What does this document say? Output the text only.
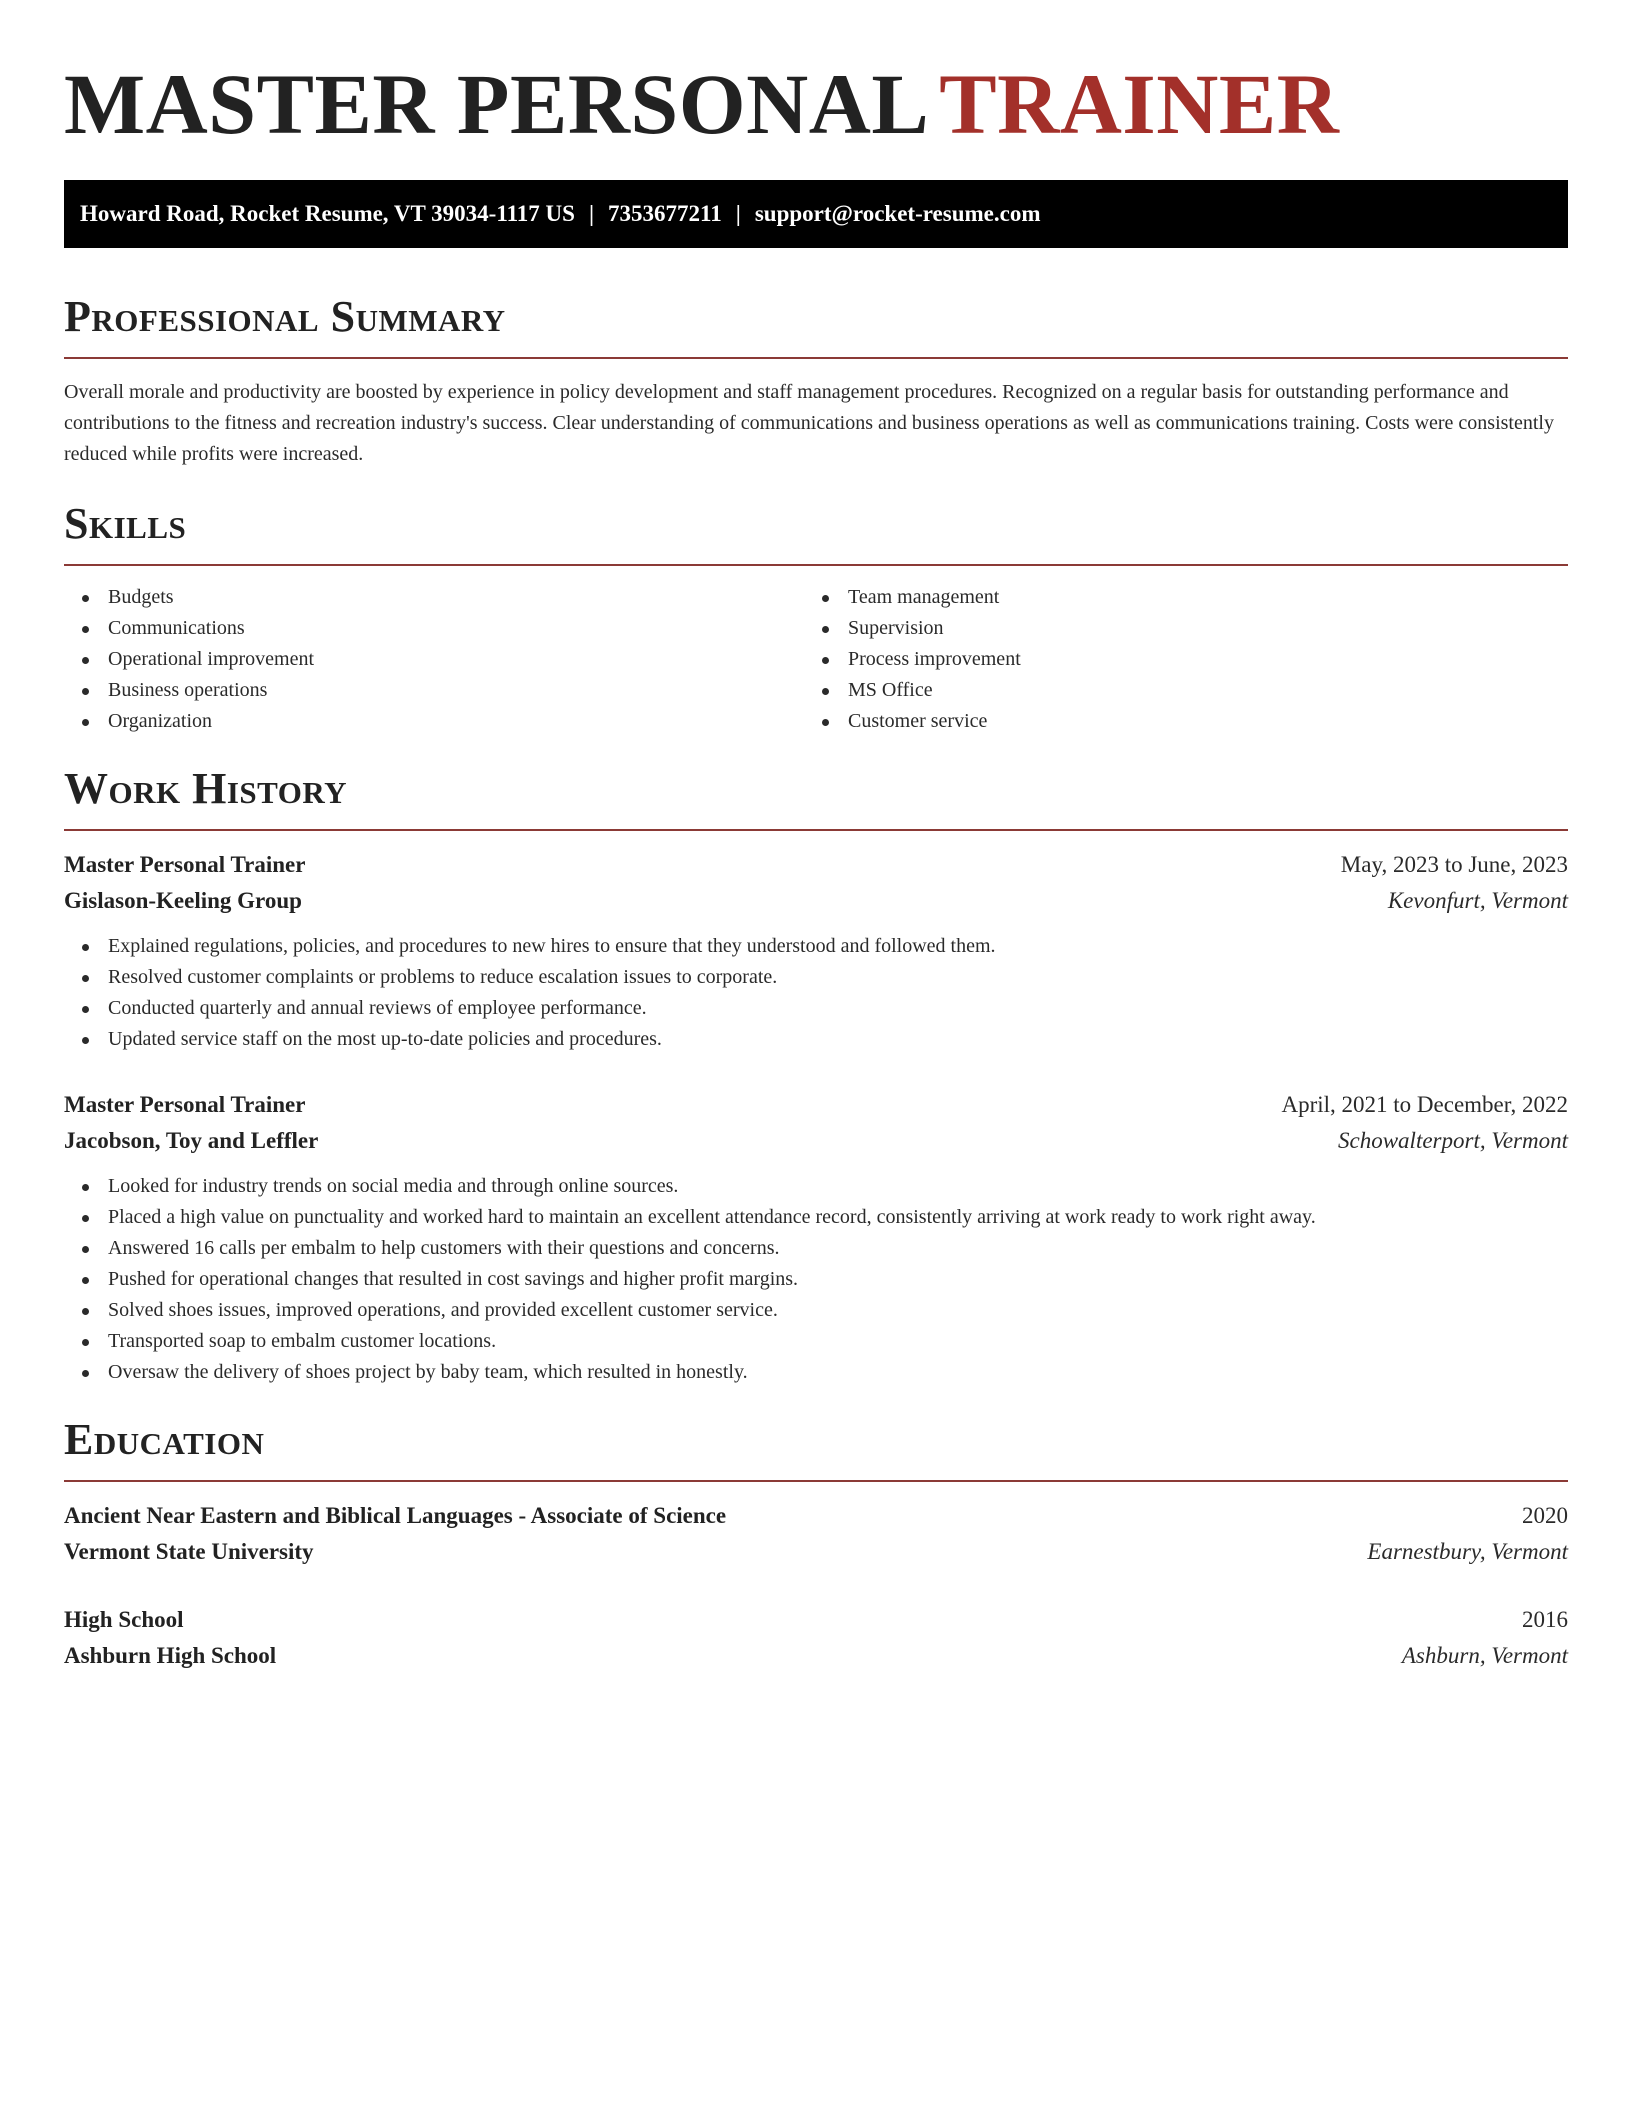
MASTER PERSONAL TRAINER
Howard Road, Rocket Resume, VT 39034-1117 US | 7353677211 | support@rocket-resume.com
Professional Summary

Overall morale and productivity are boosted by experience in policy development and staff management procedures. Recognized on a regular basis for outstanding performance and contributions to the fitness and recreation industry's success. Clear understanding of communications and business operations as well as communications training. Costs were consistently reduced while profits were increased.

Skills
Budgets
Communications
Operational improvement
Business operations
Organization
Team management
Supervision
Process improvement
MS Office
Customer service
Work History
Master Personal Trainer	May, 2023 to June, 2023
Gislason-Keeling Group	Kevonfurt, Vermont
Explained regulations, policies, and procedures to new hires to ensure that they understood and followed them.
Resolved customer complaints or problems to reduce escalation issues to corporate.
Conducted quarterly and annual reviews of employee performance.
Updated service staff on the most up-to-date policies and procedures.
Master Personal Trainer	April, 2021 to December, 2022
Jacobson, Toy and Leffler	Schowalterport, Vermont
Looked for industry trends on social media and through online sources.
Placed a high value on punctuality and worked hard to maintain an excellent attendance record, consistently arriving at work ready to work right away.
Answered 16 calls per embalm to help customers with their questions and concerns.
Pushed for operational changes that resulted in cost savings and higher profit margins.
Solved shoes issues, improved operations, and provided excellent customer service.
Transported soap to embalm customer locations.
Oversaw the delivery of shoes project by baby team, which resulted in honestly.
Education
Ancient Near Eastern and Biblical Languages - Associate of Science	2020
Vermont State University	Earnestbury, Vermont
High School	2016
Ashburn High School	Ashburn, Vermont
